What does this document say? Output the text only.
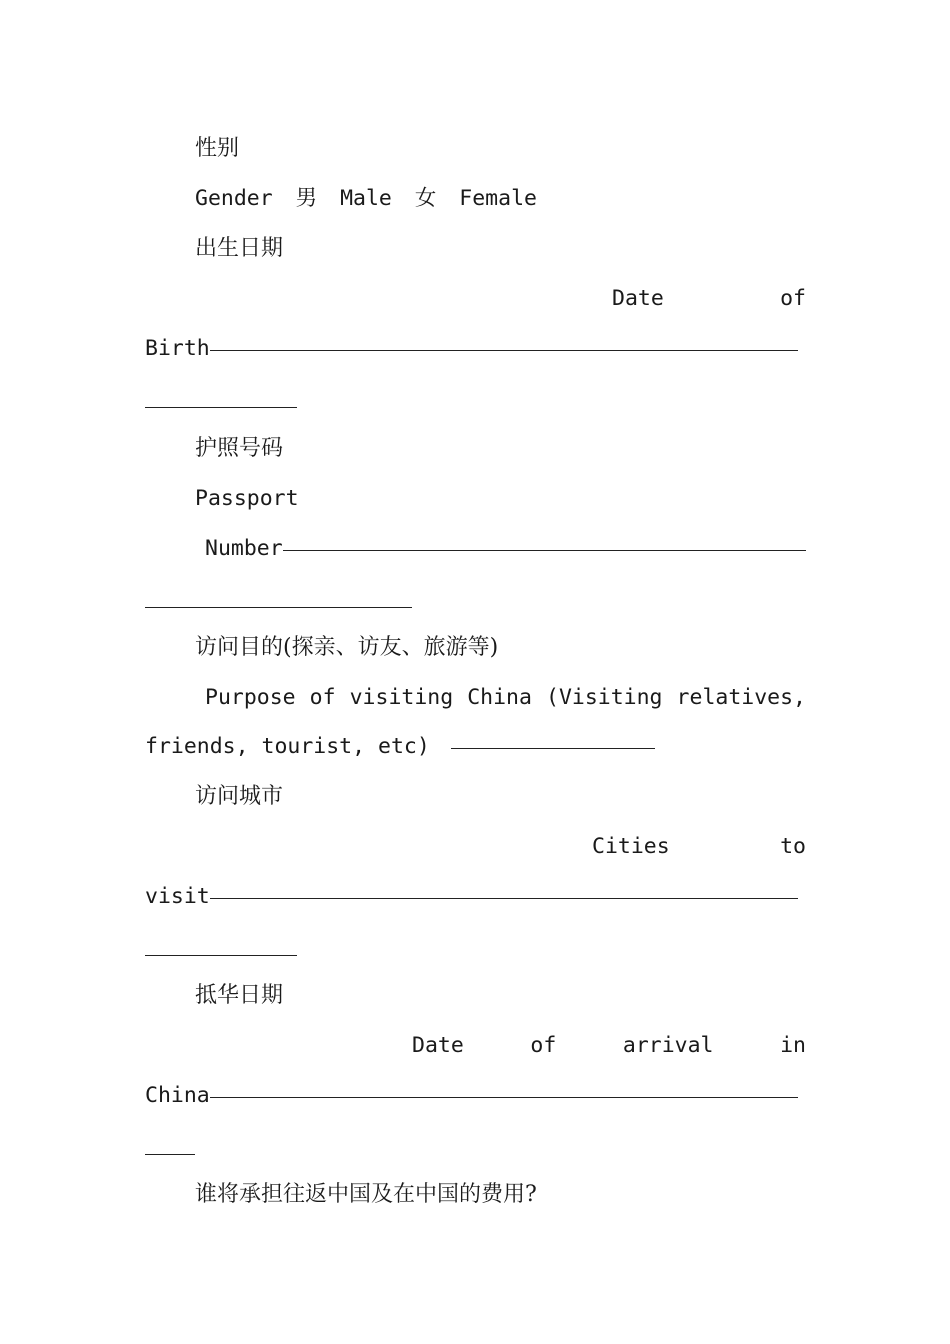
性别
Gender 男 Male 女 Female
出生日期
Date	of
Birth
护照号码
Passport
Number
访问目的(探亲、访友、旅游等)
Purpose of visiting China (Visiting relatives,
friends, tourist, etc)
访问城市
Cities	to
visit
抵华日期
Date	of	arrival	in
China
谁将承担往返中国及在中国的费用?
